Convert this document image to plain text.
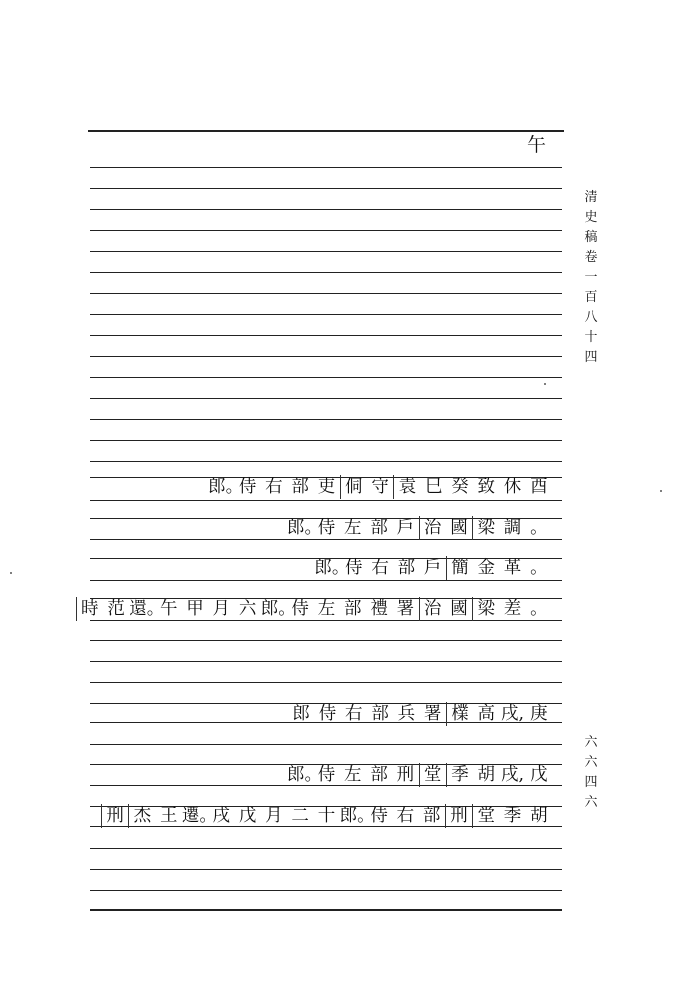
午
酉
休
致
癸
巳
袁
守
侗
吏
部
右
侍
郎。
。
調
梁
國
治
戶
部
左
侍
郎。
。
革
金
簡
戶
部
右
侍
郎。
。
差
梁
國
治
署
禮
部
左
侍
郎。
六
月
甲
午
還。
范
時
庚
戌,
高
檏
署
兵
部
右
侍
郎
戊
戌,
胡
季
堂
刑
部
左
侍
郎。
胡
季
堂
刑
部
右
侍
郎。
十
二
月
戊
戌
遷。
王
杰
刑
清
史
稿
卷
一
百
八
十
四
六
六
四
六
